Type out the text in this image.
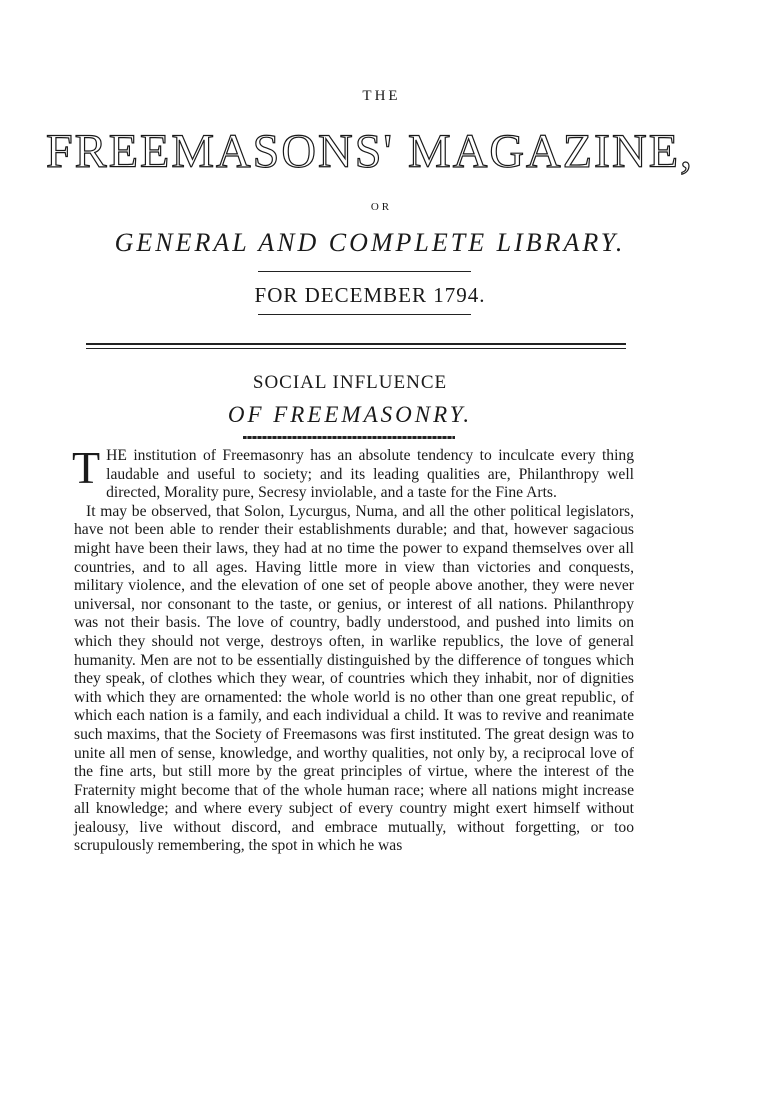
THE
FREEMASONS' MAGAZINE,
OR
GENERAL AND COMPLETE LIBRARY.
FOR DECEMBER 1794.
SOCIAL INFLUENCE
OF FREEMASONRY.

THE institution of Freemasonry has an absolute tendency to inculcate every thing laudable and useful to society; and its leading qualities are, Philanthropy well directed, Morality pure, Secresy inviolable, and a taste for the Fine Arts.

It may be observed, that Solon, Lycurgus, Numa, and all the other political legislators, have not been able to render their establishments durable; and that, however sagacious might have been their laws, they had at no time the power to expand themselves over all countries, and to all ages. Having little more in view than victories and conquests, military violence, and the elevation of one set of people above another, they were never universal, nor consonant to the taste, or genius, or interest of all nations. Philanthropy was not their basis. The love of country, badly understood, and pushed into limits on which they should not verge, destroys often, in warlike republics, the love of general humanity. Men are not to be essentially distinguished by the difference of tongues which they speak, of clothes which they wear, of countries which they inhabit, nor of dignities with which they are ornamented: the whole world is no other than one great republic, of which each nation is a family, and each individual a child. It was to revive and reanimate such maxims, that the Society of Freemasons was first instituted. The great design was to unite all men of sense, knowledge, and worthy qualities, not only by, a reciprocal love of the fine arts, but still more by the great principles of virtue, where the interest of the Fraternity might become that of the whole human race; where all nations might increase all knowledge; and where every subject of every country might exert himself without jealousy, live without discord, and embrace mutually, without forgetting, or too scrupulously remembering, the spot in which he was
